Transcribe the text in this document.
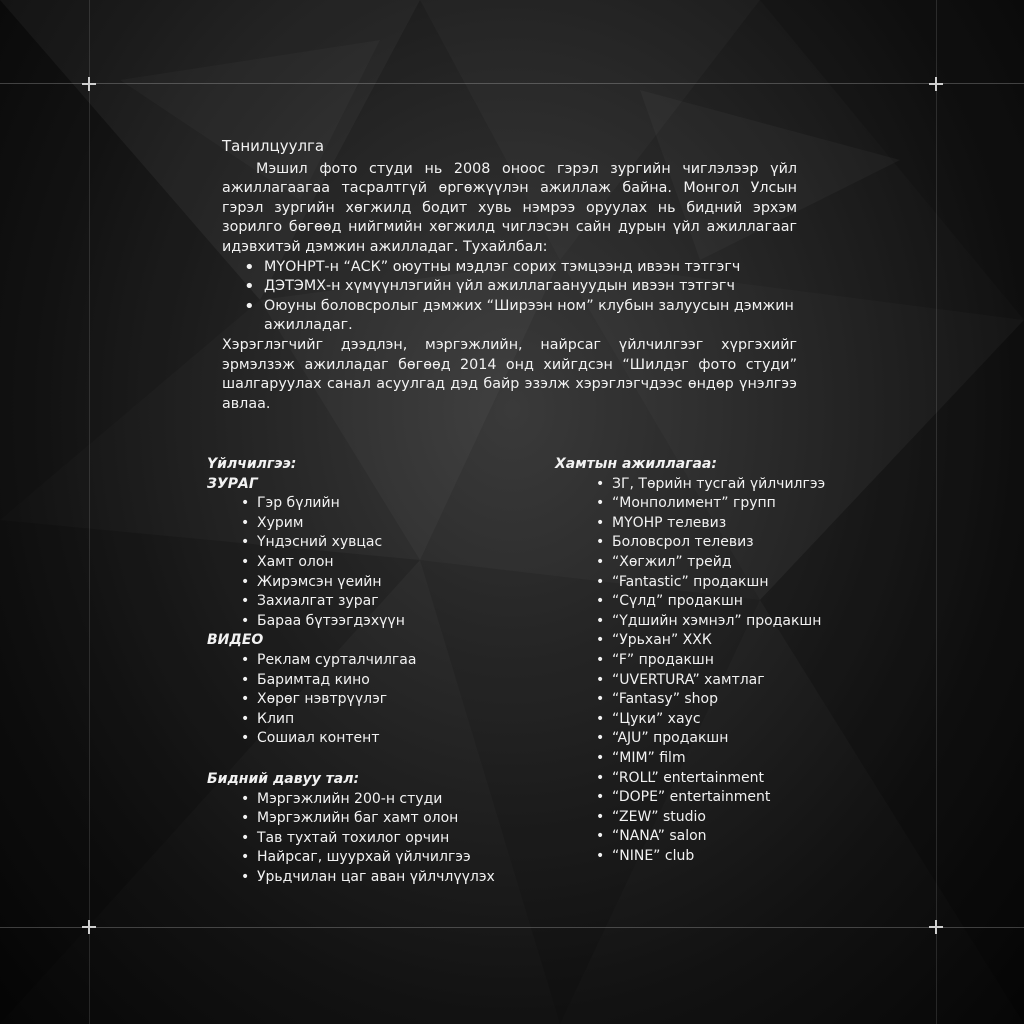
Танилцуулга

Мэшил фото студи нь 2008 оноос гэрэл зургийн чиглэлээр үйл ажиллагаагаа тасралтгүй өргөжүүлэн ажиллаж байна. Монгол Улсын гэрэл зургийн хөгжилд бодит хувь нэмрээ оруулах нь бидний эрхэм зорилго бөгөөд нийгмийн хөгжилд чиглэсэн сайн дурын үйл ажиллагааг идэвхитэй дэмжин ажилладаг. Тухайлбал:

• МҮОНРТ-н “АСК” оюутны мэдлэг сорих тэмцээнд ивээн тэтгэгч
• ДЭТЭМХ-н хүмүүнлэгийн үйл ажиллагаануудын ивээн тэтгэгч
• Оюуны боловсролыг дэмжих “Ширээн ном” клубын залуусын дэмжин ажилладаг.

Хэрэглэгчийг дээдлэн, мэргэжлийн, найрсаг үйлчилгээг хүргэхийг эрмэлзэж ажилладаг бөгөөд 2014 онд хийгдсэн “Шилдэг фото студи” шалгаруулах санал асуулгад дэд байр эзэлж хэрэглэгчдээс өндөр үнэлгээ авлаа.

Үйлчилгээ:

ЗУРАГ

• Гэр бүлийн
• Хурим
• Үндэсний хувцас
• Хамт олон
• Жирэмсэн үеийн
• Захиалгат зураг
• Бараа бүтээгдэхүүн

ВИДЕО

• Реклам сурталчилгаа
• Баримтад кино
• Хөрөг нэвтрүүлэг
• Клип
• Сошиал контент

Бидний давуу тал:

• Мэргэжлийн 200-н студи
• Мэргэжлийн баг хамт олон
• Тав тухтай тохилог орчин
• Найрсаг, шуурхай үйлчилгээ
• Урьдчилан цаг аван үйлчлүүлэх

Хамтын ажиллагаа:

• ЗГ, Төрийн тусгай үйлчилгээ
• “Монполимент” групп
• МҮОНР телевиз
• Боловсрол телевиз
• “Хөгжил” трейд
• “Fantastic” продакшн
• “Сүлд” продакшн
• “Үдшийн хэмнэл” продакшн
• “Урьхан” ХХК
• “F” продакшн
• “UVERTURA” хамтлаг
• “Fantasy” shop
• “Цуки” хаус
• “AJU” продакшн
• “MIM” film
• “ROLL” entertainment
• “DOPE” entertainment
• “ZEW” studio
• “NANA” salon
• “NINE” club
